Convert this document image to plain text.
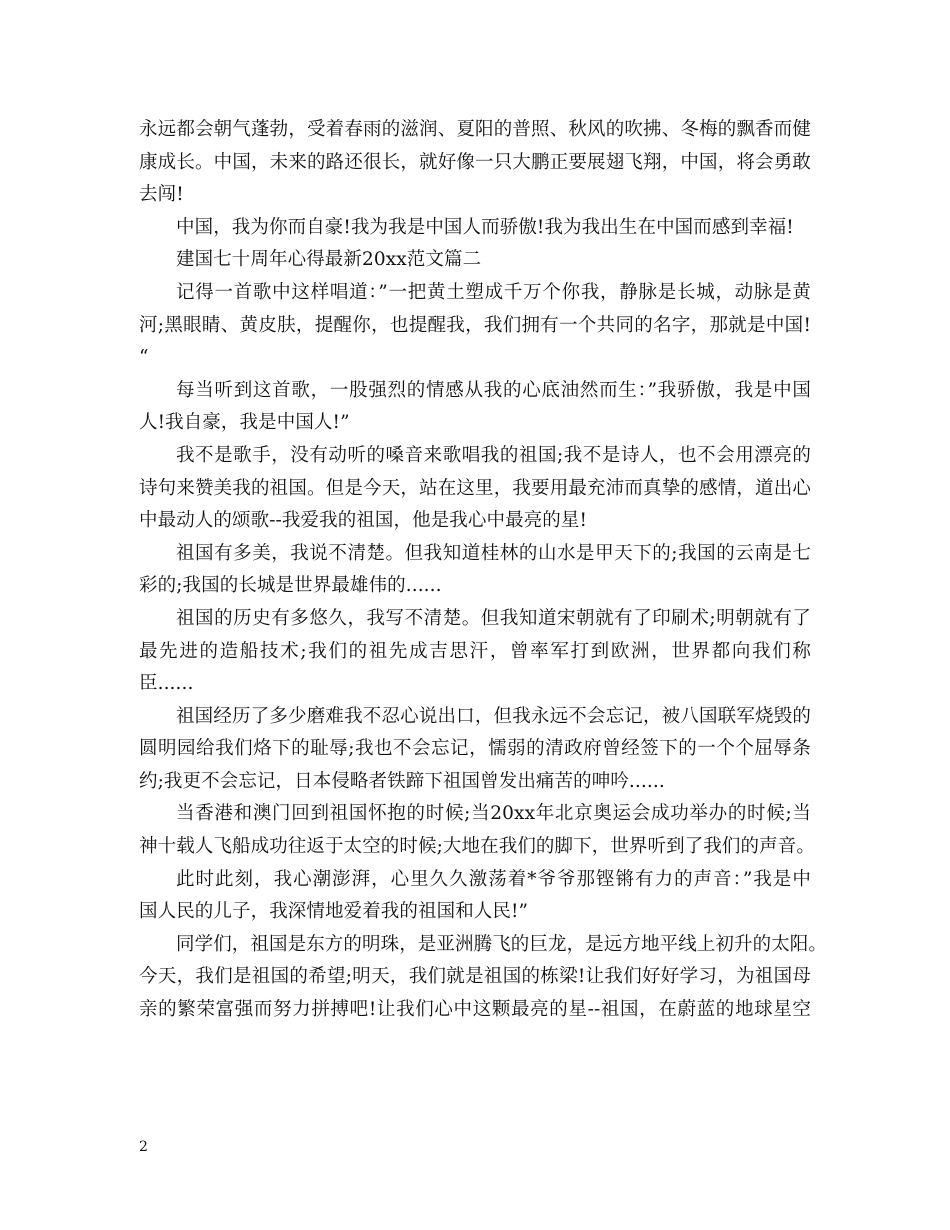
永远都会朝气蓬勃，受着春雨的滋润、夏阳的普照、秋风的吹拂、冬梅的飘香而健
康成长。中国，未来的路还很长，就好像一只大鹏正要展翅飞翔，中国，将会勇敢
去闯!
中国，我为你而自豪!我为我是中国人而骄傲!我为我出生在中国而感到幸福!
建国七十周年心得最新20xx范文篇二
记得一首歌中这样唱道：”一把黄土塑成千万个你我，静脉是长城，动脉是黄
河;黑眼睛、黄皮肤，提醒你，也提醒我，我们拥有一个共同的名字，那就是中国!
“
每当听到这首歌，一股强烈的情感从我的心底油然而生：”我骄傲，我是中国
人!我自豪，我是中国人!”
我不是歌手，没有动听的嗓音来歌唱我的祖国;我不是诗人，也不会用漂亮的
诗句来赞美我的祖国。但是今天，站在这里，我要用最充沛而真挚的感情，道出心
中最动人的颂歌--我爱我的祖国，他是我心中最亮的星!
祖国有多美，我说不清楚。但我知道桂林的山水是甲天下的;我国的云南是七
彩的;我国的长城是世界最雄伟的......
祖国的历史有多悠久，我写不清楚。但我知道宋朝就有了印刷术;明朝就有了
最先进的造船技术;我们的祖先成吉思汗，曾率军打到欧洲，世界都向我们称
臣......
祖国经历了多少磨难我不忍心说出口，但我永远不会忘记，被八国联军烧毁的
圆明园给我们烙下的耻辱;我也不会忘记，懦弱的清政府曾经签下的一个个屈辱条
约;我更不会忘记，日本侵略者铁蹄下祖国曾发出痛苦的呻吟......
当香港和澳门回到祖国怀抱的时候;当20xx年北京奥运会成功举办的时候;当
神十载人飞船成功往返于太空的时候;大地在我们的脚下，世界听到了我们的声音。
此时此刻，我心潮澎湃，心里久久激荡着*爷爷那铿锵有力的声音：”我是中
国人民的儿子，我深情地爱着我的祖国和人民!”
同学们，祖国是东方的明珠，是亚洲腾飞的巨龙，是远方地平线上初升的太阳。
今天，我们是祖国的希望;明天，我们就是祖国的栋梁!让我们好好学习，为祖国母
亲的繁荣富强而努力拼搏吧!让我们心中这颗最亮的星--祖国，在蔚蓝的地球星空
2
